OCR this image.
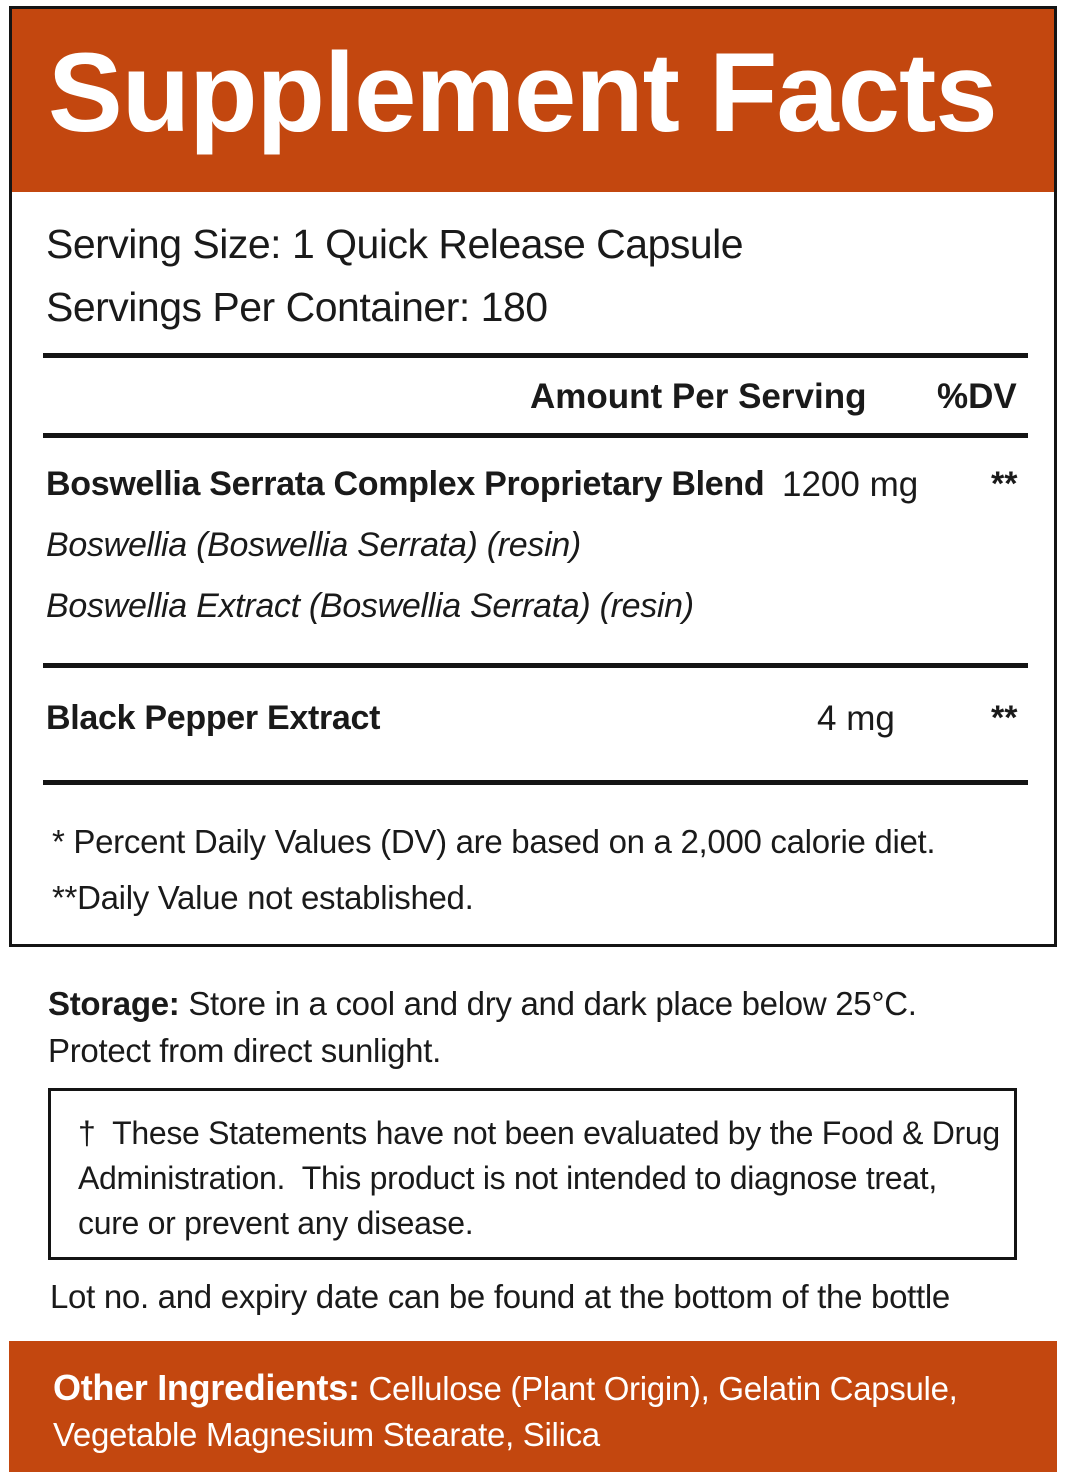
Supplement Facts
Serving Size: 1 Quick Release Capsule
Servings Per Container: 180
Amount Per Serving %DV
Boswellia Serrata Complex Proprietary Blend 1200 mg **
Boswellia (Boswellia Serrata) (resin)
Boswellia Extract (Boswellia Serrata) (resin)
Black Pepper Extract	4 mg	**
* Percent Daily Values (DV) are based on a 2,000 calorie diet.
**Daily Value not established.
Storage: Store in a cool and dry and dark place below 25°C.
Protect from direct sunlight.
†  These Statements have not been evaluated by the Food & Drug
Administration.  This product is not intended to diagnose treat,
cure or prevent any disease.
Lot no. and expiry date can be found at the bottom of the bottle
Other Ingredients: Cellulose (Plant Origin), Gelatin Capsule,
Vegetable Magnesium Stearate, Silica
